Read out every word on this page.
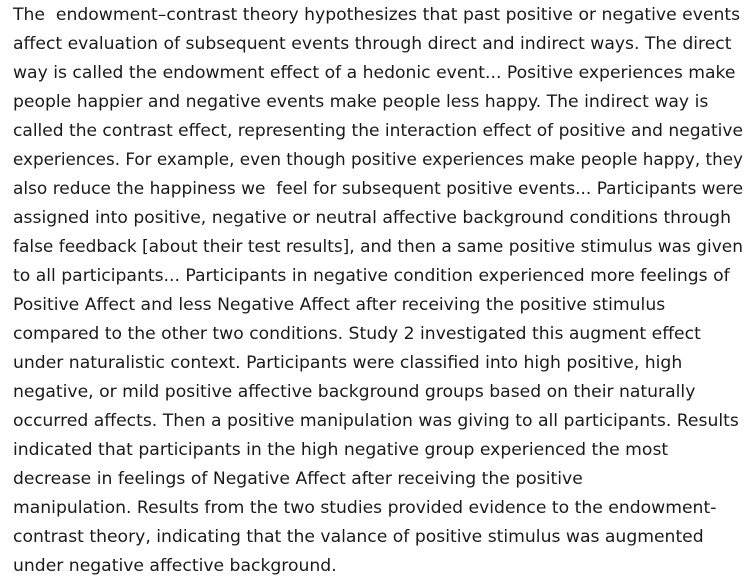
The  endowment–contrast theory hypothesizes that past positive or negative events
affect evaluation of subsequent events through direct and indirect ways. The direct
way is called the endowment effect of a hedonic event... Positive experiences make
people happier and negative events make people less happy. The indirect way is
called the contrast effect, representing the interaction effect of positive and negative
experiences. For example, even though positive experiences make people happy, they
also reduce the happiness we  feel for subsequent positive events... Participants were
assigned into positive, negative or neutral affective background conditions through
false feedback [about their test results], and then a same positive stimulus was given
to all participants... Participants in negative condition experienced more feelings of
Positive Affect and less Negative Affect after receiving the positive stimulus
compared to the other two conditions. Study 2 investigated this augment effect
under naturalistic context. Participants were classified into high positive, high
negative, or mild positive affective background groups based on their naturally
occurred affects. Then a positive manipulation was giving to all participants. Results
indicated that participants in the high negative group experienced the most
decrease in feelings of Negative Affect after receiving the positive
manipulation. Results from the two studies provided evidence to the endowment-
contrast theory, indicating that the valance of positive stimulus was augmented
under negative affective background.
